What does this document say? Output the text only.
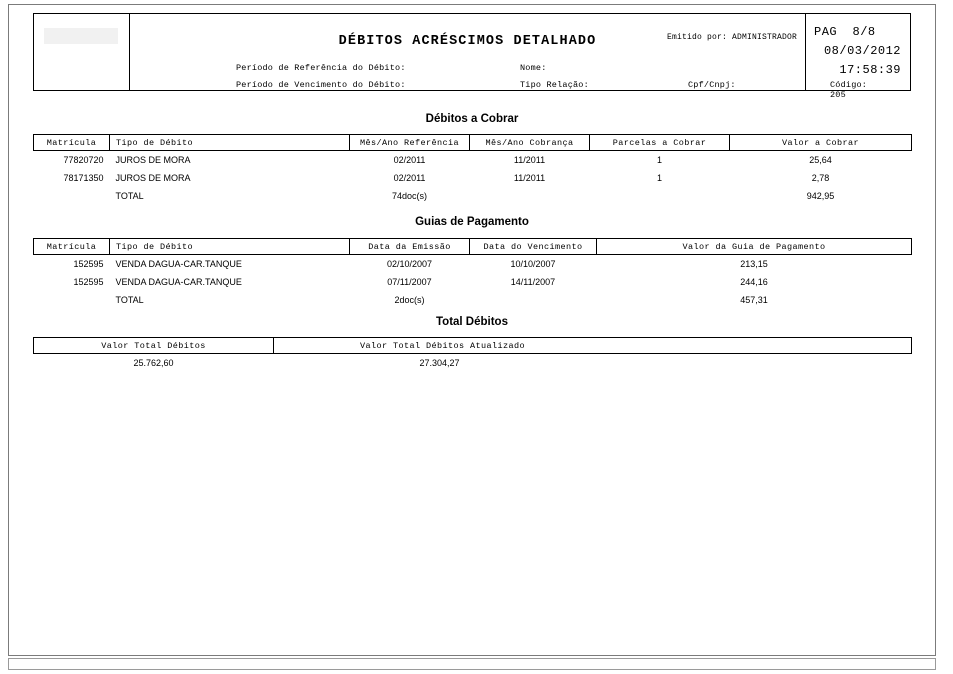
DÉBITOS ACRÉSCIMOS DETALHADO	Emitido por: ADMINISTRADOR
Período de Referência do Débito:
Período de Vencimento do Débito:
Nome:
Tipo Relação:	Cpf/Cnpj:	Código: 205
PAG 8/8
08/03/2012
17:58:39
Débitos a Cobrar
Matrícula	Tipo de Débito	Mês/Ano Referência	Mês/Ano Cobrança	Parcelas a Cobrar	Valor a Cobrar
77820720	JUROS DE MORA	02/2011	11/2011	1	25,64
78171350	JUROS DE MORA	02/2011	11/2011	1	2,78
	TOTAL	74doc(s)			942,95
Guias de Pagamento
Matrícula	Tipo de Débito	Data da Emissão	Data do Vencimento	Valor da Guia de Pagamento
152595	VENDA DAGUA-CAR.TANQUE	02/10/2007	10/10/2007	213,15
152595	VENDA DAGUA-CAR.TANQUE	07/11/2007	14/11/2007	244,16
	TOTAL	2doc(s)		457,31
Total Débitos
Valor Total Débitos	Valor Total Débitos Atualizado
25.762,60	27.304,27
